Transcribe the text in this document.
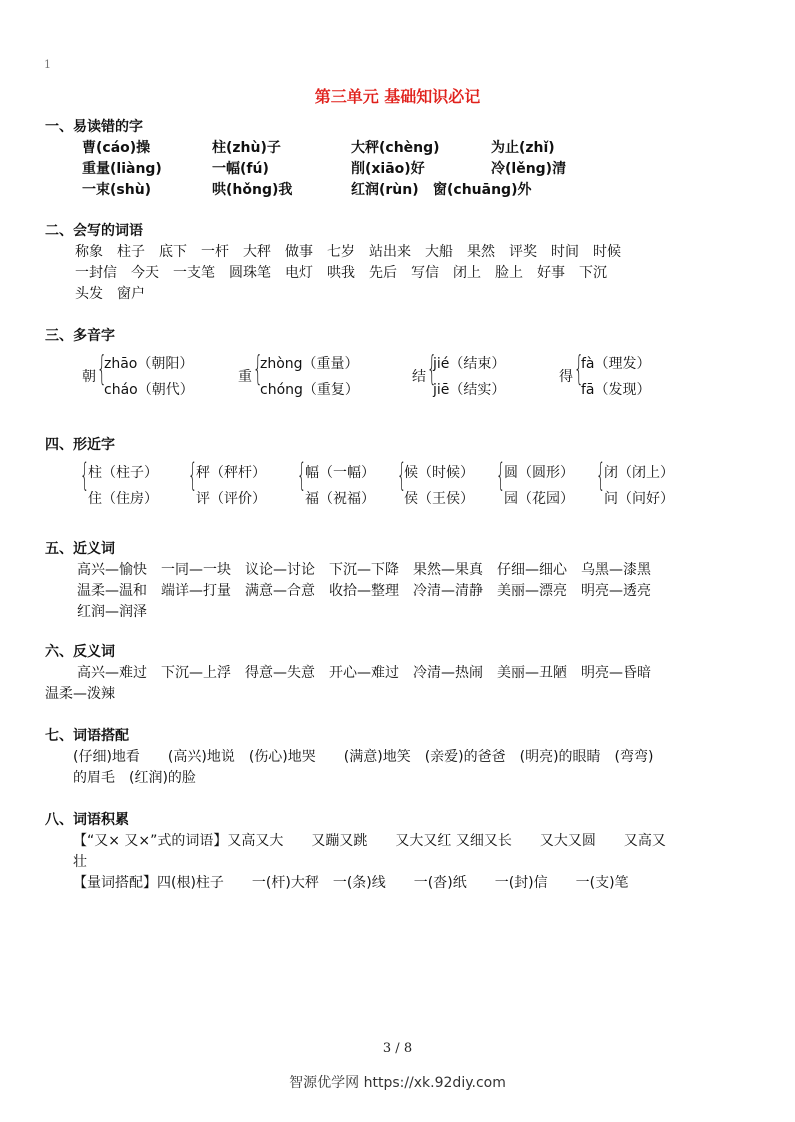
1
第三单元 基础知识必记
一、易读错的字
曹(cáo)操	柱(zhù)子	大秤(chèng)	为止(zhǐ)
重量(liàng)	一幅(fú)	削(xiāo)好	冷(lěng)清
一束(shù)	哄(hǒng)我	红润(rùn) 窗(chuāng)外
二、会写的词语
称象　柱子　底下　一杆　大秤　做事　七岁　站出来　大船　果然　评奖　时间　时候
一封信　今天　一支笔　圆珠笔　电灯　哄我　先后　写信　闭上　脸上　好事　下沉
头发　窗户
三、多音字
朝 {
zhāo（朝阳）
cháo（朝代）
重 {
zhòng（重量）
chóng（重复）
结 {
jié（结束）
jiē（结实）
得 {
fà（理发）
fā（发现）
四、形近字
{
柱（柱子）
住（住房）
{
秤（秤杆）
评（评价）
{
幅（一幅）
福（祝福）
{
候（时候）
侯（王侯）
{
圆（圆形）
园（花园）
{
闭（闭上）
问（问好）
五、近义词
高兴—愉快　一同—一块　议论—讨论　下沉—下降　果然—果真　仔细—细心　乌黑—漆黑
温柔—温和　端详—打量　满意—合意　收拾—整理　冷清—清静　美丽—漂亮　明亮—透亮
红润—润泽
六、反义词
高兴—难过　下沉—上浮　得意—失意　开心—难过　冷清—热闹　美丽—丑陋　明亮—昏暗
温柔—泼辣
七、词语搭配
(仔细)地看　　(高兴)地说　(伤心)地哭　　(满意)地笑　(亲爱)的爸爸　(明亮)的眼睛　(弯弯)
的眉毛　(红润)的脸
八、词语积累
【“又× 又×”式的词语】又高又大　　又蹦又跳　　又大又红 又细又长　　又大又圆　　又高又
壮
【量词搭配】四(根)柱子　　一(杆)大秤　一(条)线　　一(沓)纸　　一(封)信　　一(支)笔
3 / 8
智源优学网 https://xk.92diy.com
